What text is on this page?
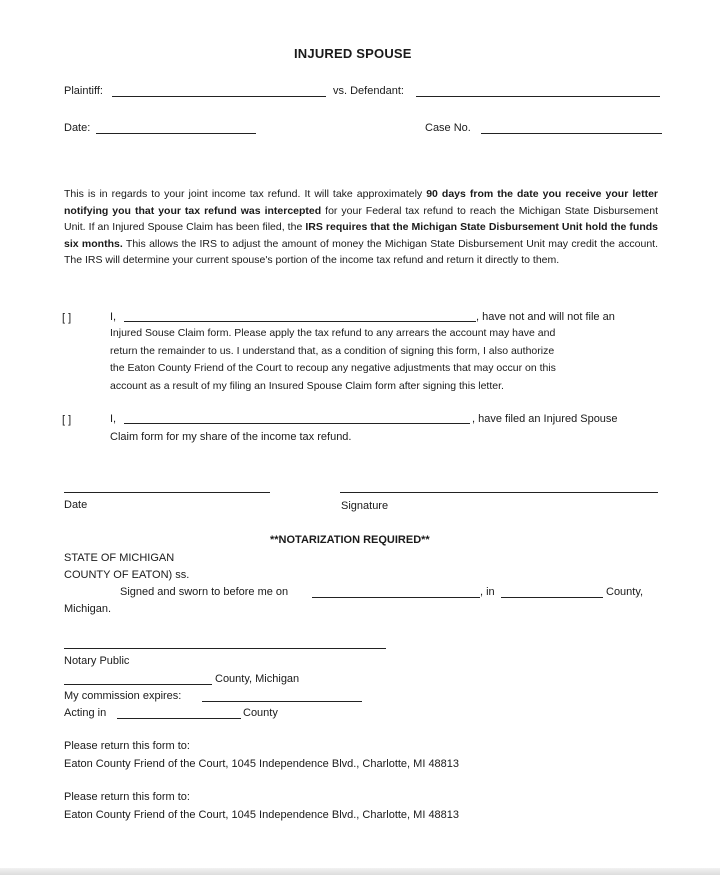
INJURED SPOUSE
Plaintiff:	vs. Defendant:
Date:	Case No.
This is in regards to your joint income tax refund. It will take approximately 90 days from the date you receive your letter notifying you that your tax refund was intercepted for your Federal tax refund to reach the Michigan State Disbursement Unit. If an Injured Spouse Claim has been filed, the IRS requires that the Michigan State Disbursement Unit hold the funds six months. This allows the IRS to adjust the amount of money the Michigan State Disbursement Unit may credit the account. The IRS will determine your current spouse's portion of the income tax refund and return it directly to them.
[ ]	I,	, have not and will not file an
Injured Souse Claim form. Please apply the tax refund to any arrears the account may have and
return the remainder to us. I understand that, as a condition of signing this form, I also authorize
the Eaton County Friend of the Court to recoup any negative adjustments that may occur on this
account as a result of my filing an Insured Spouse Claim form after signing this letter.
[ ]	I,	, have filed an Injured Spouse
Claim form for my share of the income tax refund.
Date	Signature
**NOTARIZATION REQUIRED**
STATE OF MICHIGAN
COUNTY OF EATON) ss.
Signed and sworn to before me on	, in	County,
Michigan.
Notary Public
County, Michigan
My commission expires:
Acting in	County
Please return this form to:
Eaton County Friend of the Court, 1045 Independence Blvd., Charlotte, MI 48813
Please return this form to:
Eaton County Friend of the Court, 1045 Independence Blvd., Charlotte, MI 48813
